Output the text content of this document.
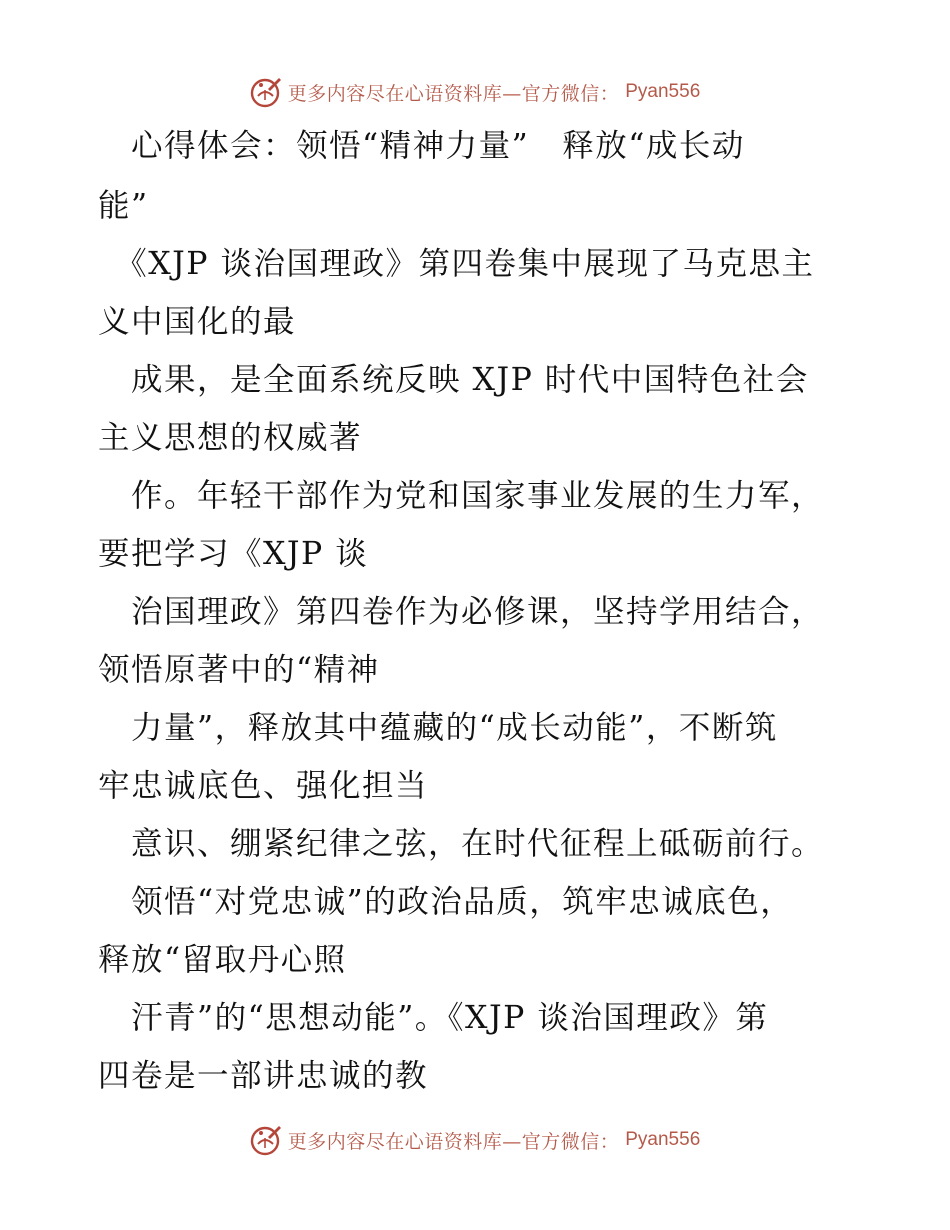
更多内容尽在心语资料库—官方微信： Pyan556
　心得体会：领悟“精神力量”　释放“成长动
能”
　《XJP 谈治国理政》第四卷集中展现了马克思主
义中国化的最
　成果，是全面系统反映 XJP 时代中国特色社会
主义思想的权威著
　作。年轻干部作为党和国家事业发展的生力军，
要把学习《XJP 谈
　治国理政》第四卷作为必修课，坚持学用结合，
领悟原著中的“精神
　力量”，释放其中蕴藏的“成长动能”，不断筑
牢忠诚底色、强化担当
　意识、绷紧纪律之弦，在时代征程上砥砺前行。
　领悟“对党忠诚”的政治品质，筑牢忠诚底色，
释放“留取丹心照
　汗青”的“思想动能”。《XJP 谈治国理政》第
四卷是一部讲忠诚的教
更多内容尽在心语资料库—官方微信： Pyan556
